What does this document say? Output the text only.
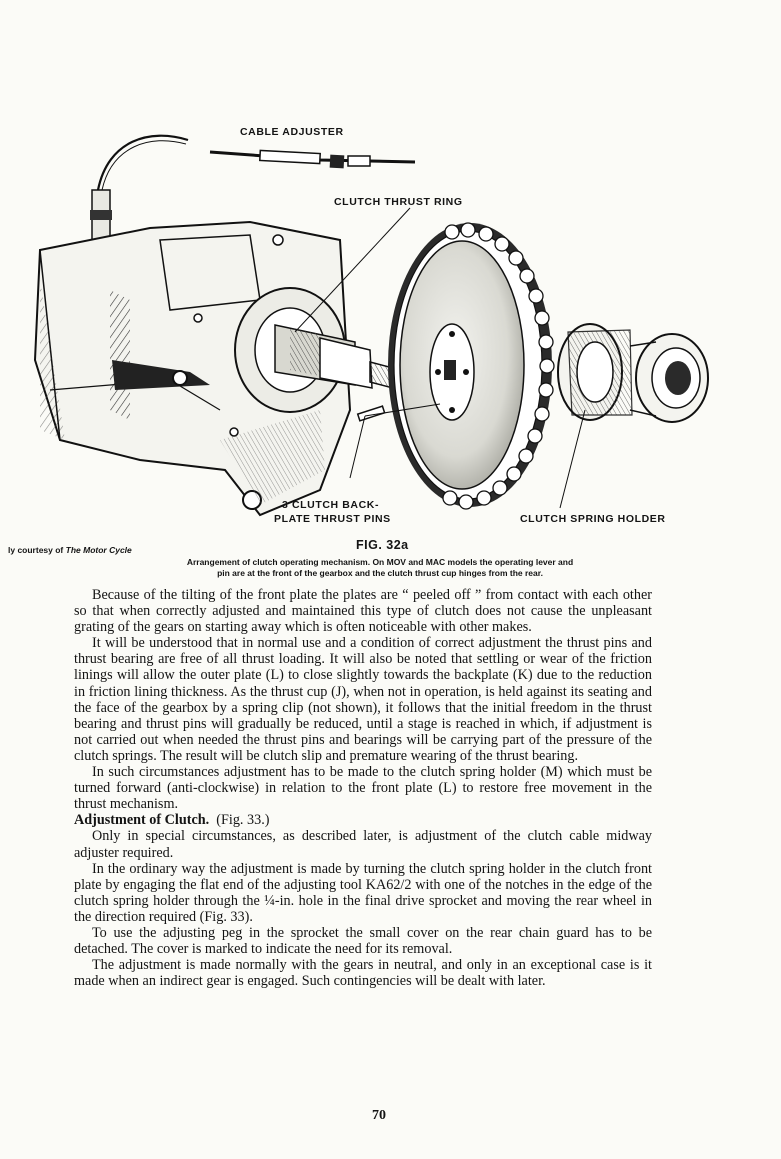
CABLE ADJUSTER
CLUTCH THRUST RING
3 CLUTCH BACK-
PLATE THRUST PINS	CLUTCH SPRING HOLDER
FIG. 32a
ly courtesy of The Motor Cycle
Arrangement of clutch operating mechanism. On MOV and MAC models the operating lever and
pin are at the front of the gearbox and the clutch thrust cup hinges from the rear.

Because of the tilting of the front plate the plates are “ peeled off ” from contact with each other so that when correctly adjusted and maintained this type of clutch does not cause the unpleasant grating of the gears on starting away which is often noticeable with other makes.

It will be understood that in normal use and a condition of correct adjustment the thrust pins and thrust bearing are free of all thrust loading. It will also be noted that settling or wear of the friction linings will allow the outer plate (L) to close slightly towards the backplate (K) due to the reduction in friction lining thickness. As the thrust cup (J), when not in operation, is held against its seating and the face of the gearbox by a spring clip (not shown), it follows that the initial freedom in the thrust bearing and thrust pins will gradually be reduced, until a stage is reached in which, if adjustment is not carried out when needed the thrust pins and bearings will be carrying part of the pressure of the clutch springs. The result will be clutch slip and premature wearing of the thrust bearing.

In such circumstances adjustment has to be made to the clutch spring holder (M) which must be turned forward (anti-clockwise) in relation to the front plate (L) to restore free movement in the thrust mechanism.

Adjustment of Clutch. (Fig. 33.)

Only in special circumstances, as described later, is adjustment of the clutch cable midway adjuster required.

In the ordinary way the adjustment is made by turning the clutch spring holder in the clutch front plate by engaging the flat end of the adjusting tool KA62/2 with one of the notches in the edge of the clutch spring holder through the ¼-in. hole in the final drive sprocket and moving the rear wheel in the direction required (Fig. 33).

To use the adjusting peg in the sprocket the small cover on the rear chain guard has to be detached. The cover is marked to indicate the need for its removal.

The adjustment is made normally with the gears in neutral, and only in an exceptional case is it made when an indirect gear is engaged. Such contingencies will be dealt with later.

70
